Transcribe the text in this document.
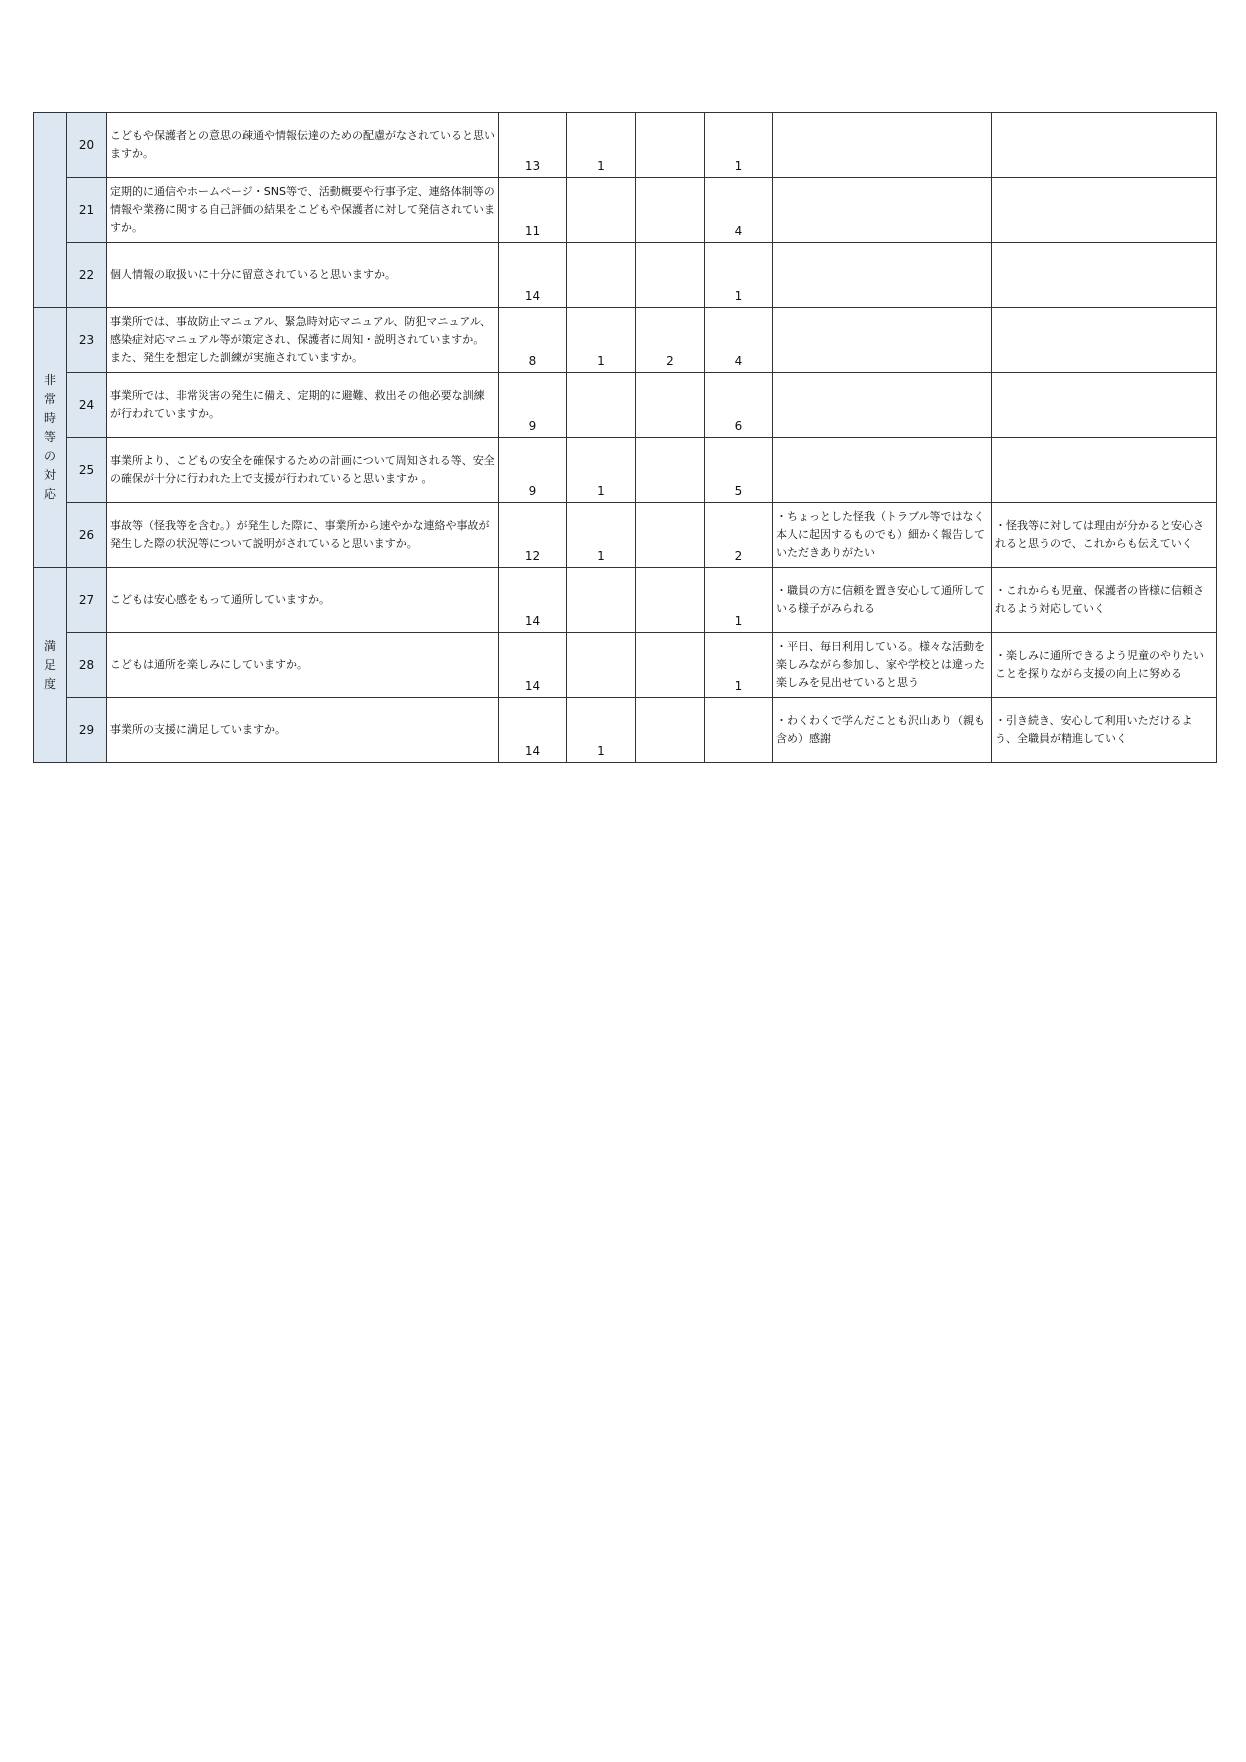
	20	こどもや保護者との意思の疎通や情報伝達のための配慮がなされていると思いますか。	13	1		1		
	21	定期的に通信やホームページ・SNS等で、活動概要や行事予定、連絡体制等の情報や業務に関する自己評価の結果をこどもや保護者に対して発信されていますか。	11			4		
	22	個人情報の取扱いに十分に留意されていると思いますか。	14			1		
非常時等の対応	23	事業所では、事故防止マニュアル、緊急時対応マニュアル、防犯マニュアル、感染症対応マニュアル等が策定され、保護者に周知・説明されていますか。また、発生を想定した訓練が実施されていますか。	8	1	2	4		
	24	事業所では、非常災害の発生に備え、定期的に避難、救出その他必要な訓練が行われていますか。	9			6		
	25	事業所より、こどもの安全を確保するための計画について周知される等、安全の確保が十分に行われた上で支援が行われていると思いますか 。	9	1		5		
	26	事故等（怪我等を含む。）が発生した際に、事業所から速やかな連絡や事故が発生した際の状況等について説明がされていると思いますか。	12	1		2	・ちょっとした怪我（トラブル等ではなく本人に起因するものでも）細かく報告していただきありがたい	・怪我等に対しては理由が分かると安心されると思うので、これからも伝えていく
満足度	27	こどもは安心感をもって通所していますか。	14			1	・職員の方に信頼を置き安心して通所している様子がみられる	・これからも児童、保護者の皆様に信頼されるよう対応していく
	28	こどもは通所を楽しみにしていますか。	14			1	・平日、毎日利用している。様々な活動を楽しみながら参加し、家や学校とは違った楽しみを見出せていると思う	・楽しみに通所できるよう児童のやりたいことを探りながら支援の向上に努める
	29	事業所の支援に満足していますか。	14	1			・わくわくで学んだことも沢山あり（親も含め）感謝	・引き続き、安心して利用いただけるよう、全職員が精進していく
